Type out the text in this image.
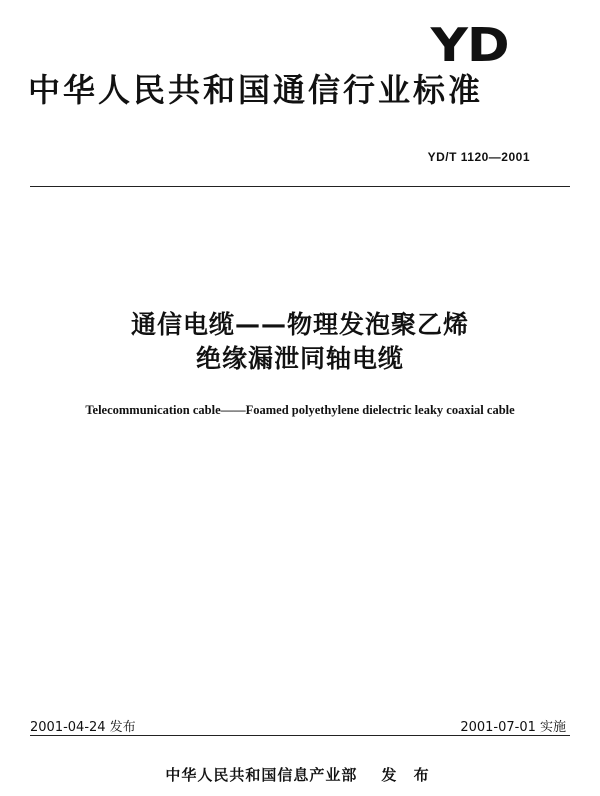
YD
中华人民共和国通信行业标准
YD/T 1120—2001
通信电缆——物理发泡聚乙烯
绝缘漏泄同轴电缆
Telecommunication cable——Foamed polyethylene dielectric leaky coaxial cable
2001-04-24 发布	2001-07-01 实施
中华人民共和国信息产业部 发 布
